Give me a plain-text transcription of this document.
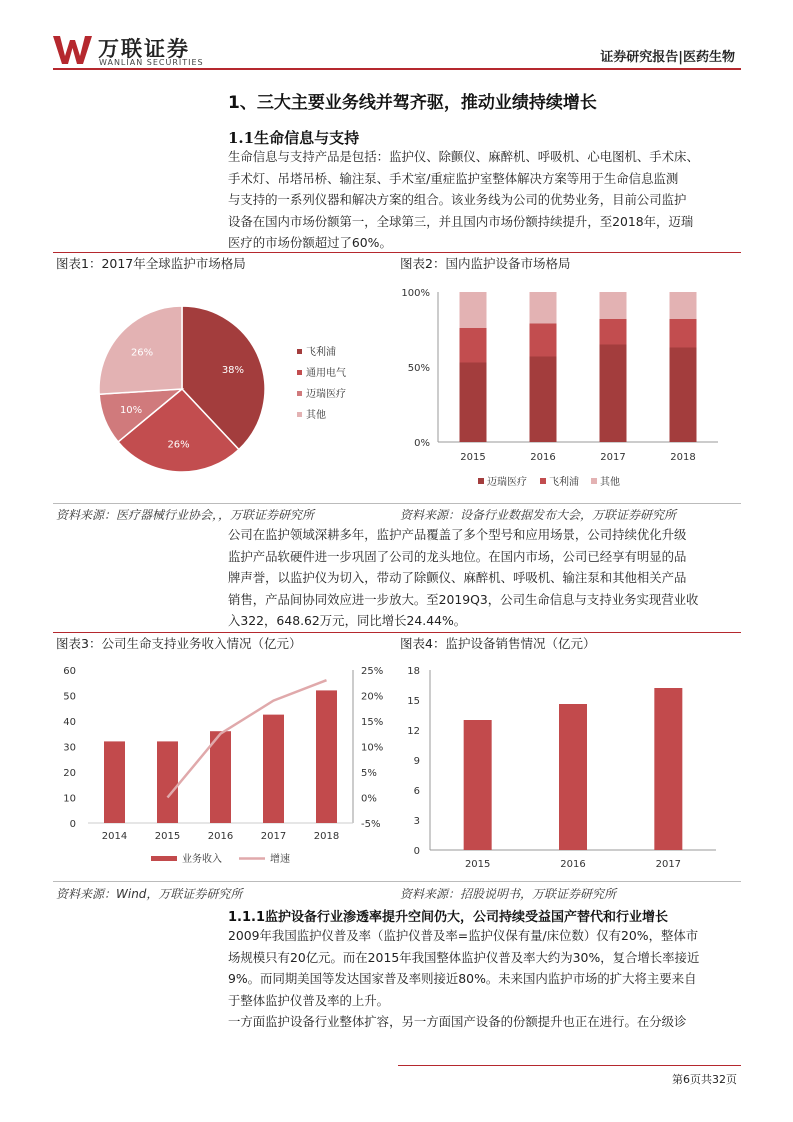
万联证券
WANLIAN SECURITIES	证券研究报告|医药生物
1、三大主要业务线并驾齐驱，推动业绩持续增长
1.1生命信息与支持
生命信息与支持产品是包括：监护仪、除颤仪、麻醉机、呼吸机、心电图机、手术床、
手术灯、吊塔吊桥、输注泵、手术室/重症监护室整体解决方案等用于生命信息监测
与支持的一系列仪器和解决方案的组合。该业务线为公司的优势业务，目前公司监护
设备在国内市场份额第一，全球第三，并且国内市场份额持续提升，至2018年，迈瑞
医疗的市场份额超过了60%。
图表1：2017年全球监护市场格局	图表2：国内监护设备市场格局
38%
26%
10%
26%	飞利浦
通用电气
迈瑞医疗
其他
0%
50%
100%
2015	2016	2017	2018
迈瑞医疗 飞利浦 其他
资料来源：医疗器械行业协会，，万联证券研究所	资料来源：设备行业数据发布大会，万联证券研究所
公司在监护领域深耕多年，监护产品覆盖了多个型号和应用场景，公司持续优化升级
监护产品软硬件进一步巩固了公司的龙头地位。在国内市场，公司已经享有明显的品
牌声誉，以监护仪为切入，带动了除颤仪、麻醉机、呼吸机、输注泵和其他相关产品
销售，产品间协同效应进一步放大。至2019Q3，公司生命信息与支持业务实现营业收
入322，648.62万元，同比增长24.44%。
图表3：公司生命支持业务收入情况（亿元）	图表4：监护设备销售情况（亿元）
0
10
20
30
40
50
60
-5%
0%
5%
10%
15%
20%
25%
2014	2015	2016	2017	2018
业务收入	增速
0
3
6
9
12
15
18
2015	2016	2017
资料来源：Wind，万联证券研究所	资料来源：招股说明书，万联证券研究所
1.1.1监护设备行业渗透率提升空间仍大，公司持续受益国产替代和行业增长
2009年我国监护仪普及率（监护仪普及率=监护仪保有量/床位数）仅有20%，整体市
场规模只有20亿元。而在2015年我国整体监护仪普及率大约为30%，复合增长率接近
9%。而同期美国等发达国家普及率则接近80%。未来国内监护市场的扩大将主要来自
于整体监护仪普及率的上升。
一方面监护设备行业整体扩容，另一方面国产设备的份额提升也正在进行。在分级诊
第6页共32页
